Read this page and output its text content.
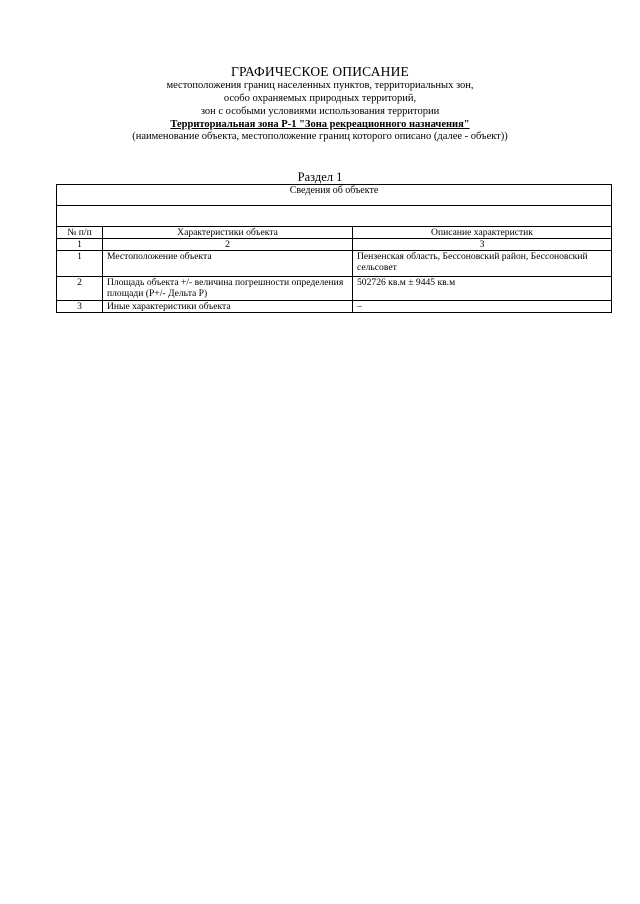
ГРАФИЧЕСКОЕ ОПИСАНИЕ
местоположения границ населенных пунктов, территориальных зон,
особо охраняемых природных территорий,
зон с особыми условиями использования территории
Территориальная зона Р-1 "Зона рекреационного назначения"
(наименование объекта, местоположение границ которого описано (далее - объект))
Раздел 1
Сведения об объекте		

№ п/п	Характеристики объекта	Описание характеристик
1	2	3
1	Местоположение объекта	Пензенская область, Бессоновский район, Бессоновский сельсовет
2	Площадь объекта +/- величина погрешности определения площади (Р+/- Дельта Р)	502726 кв.м ± 9445 кв.м
3	Иные характеристики объекта	–
